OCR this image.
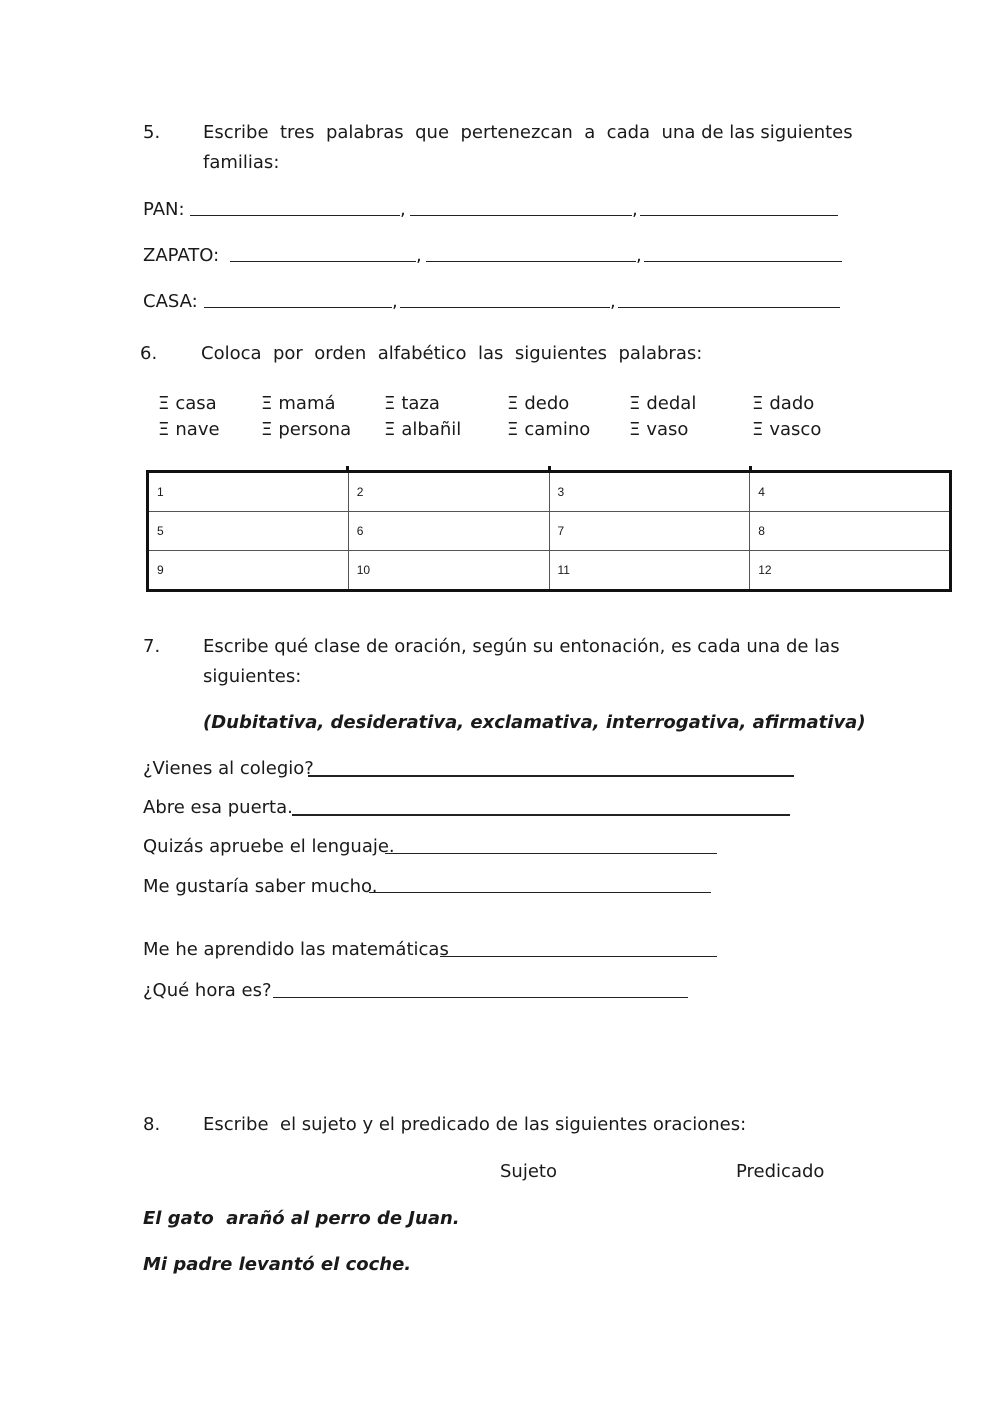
5. Escribe  tres  palabras  que  pertenezcan  a  cada  una de las siguientes
familias:
PAN:	,	,
ZAPATO:	,	,
CASA:	,	,
6. Coloca  por  orden  alfabético  las  siguientes  palabras:
Ξ casa Ξ mamá	Ξ taza	Ξ dedo	Ξ dedal	Ξ dado
Ξ nave Ξ persona Ξ albañil	Ξ camino Ξ vaso	Ξ vasco
1	2	3	4
5	6	7	8
9	10	11	12
7. Escribe qué clase de oración, según su entonación, es cada una de las
siguientes:
(Dubitativa, desiderativa, exclamativa, interrogativa, afirmativa)
¿Vienes al colegio?
Abre esa puerta.
Quizás apruebe el lenguaje.
Me gustaría saber mucho.
Me he aprendido las matemáticas
¿Qué hora es?
8. Escribe  el sujeto y el predicado de las siguientes oraciones:
Sujeto	Predicado
El gato  arañó al perro de Juan.
Mi padre levantó el coche.
